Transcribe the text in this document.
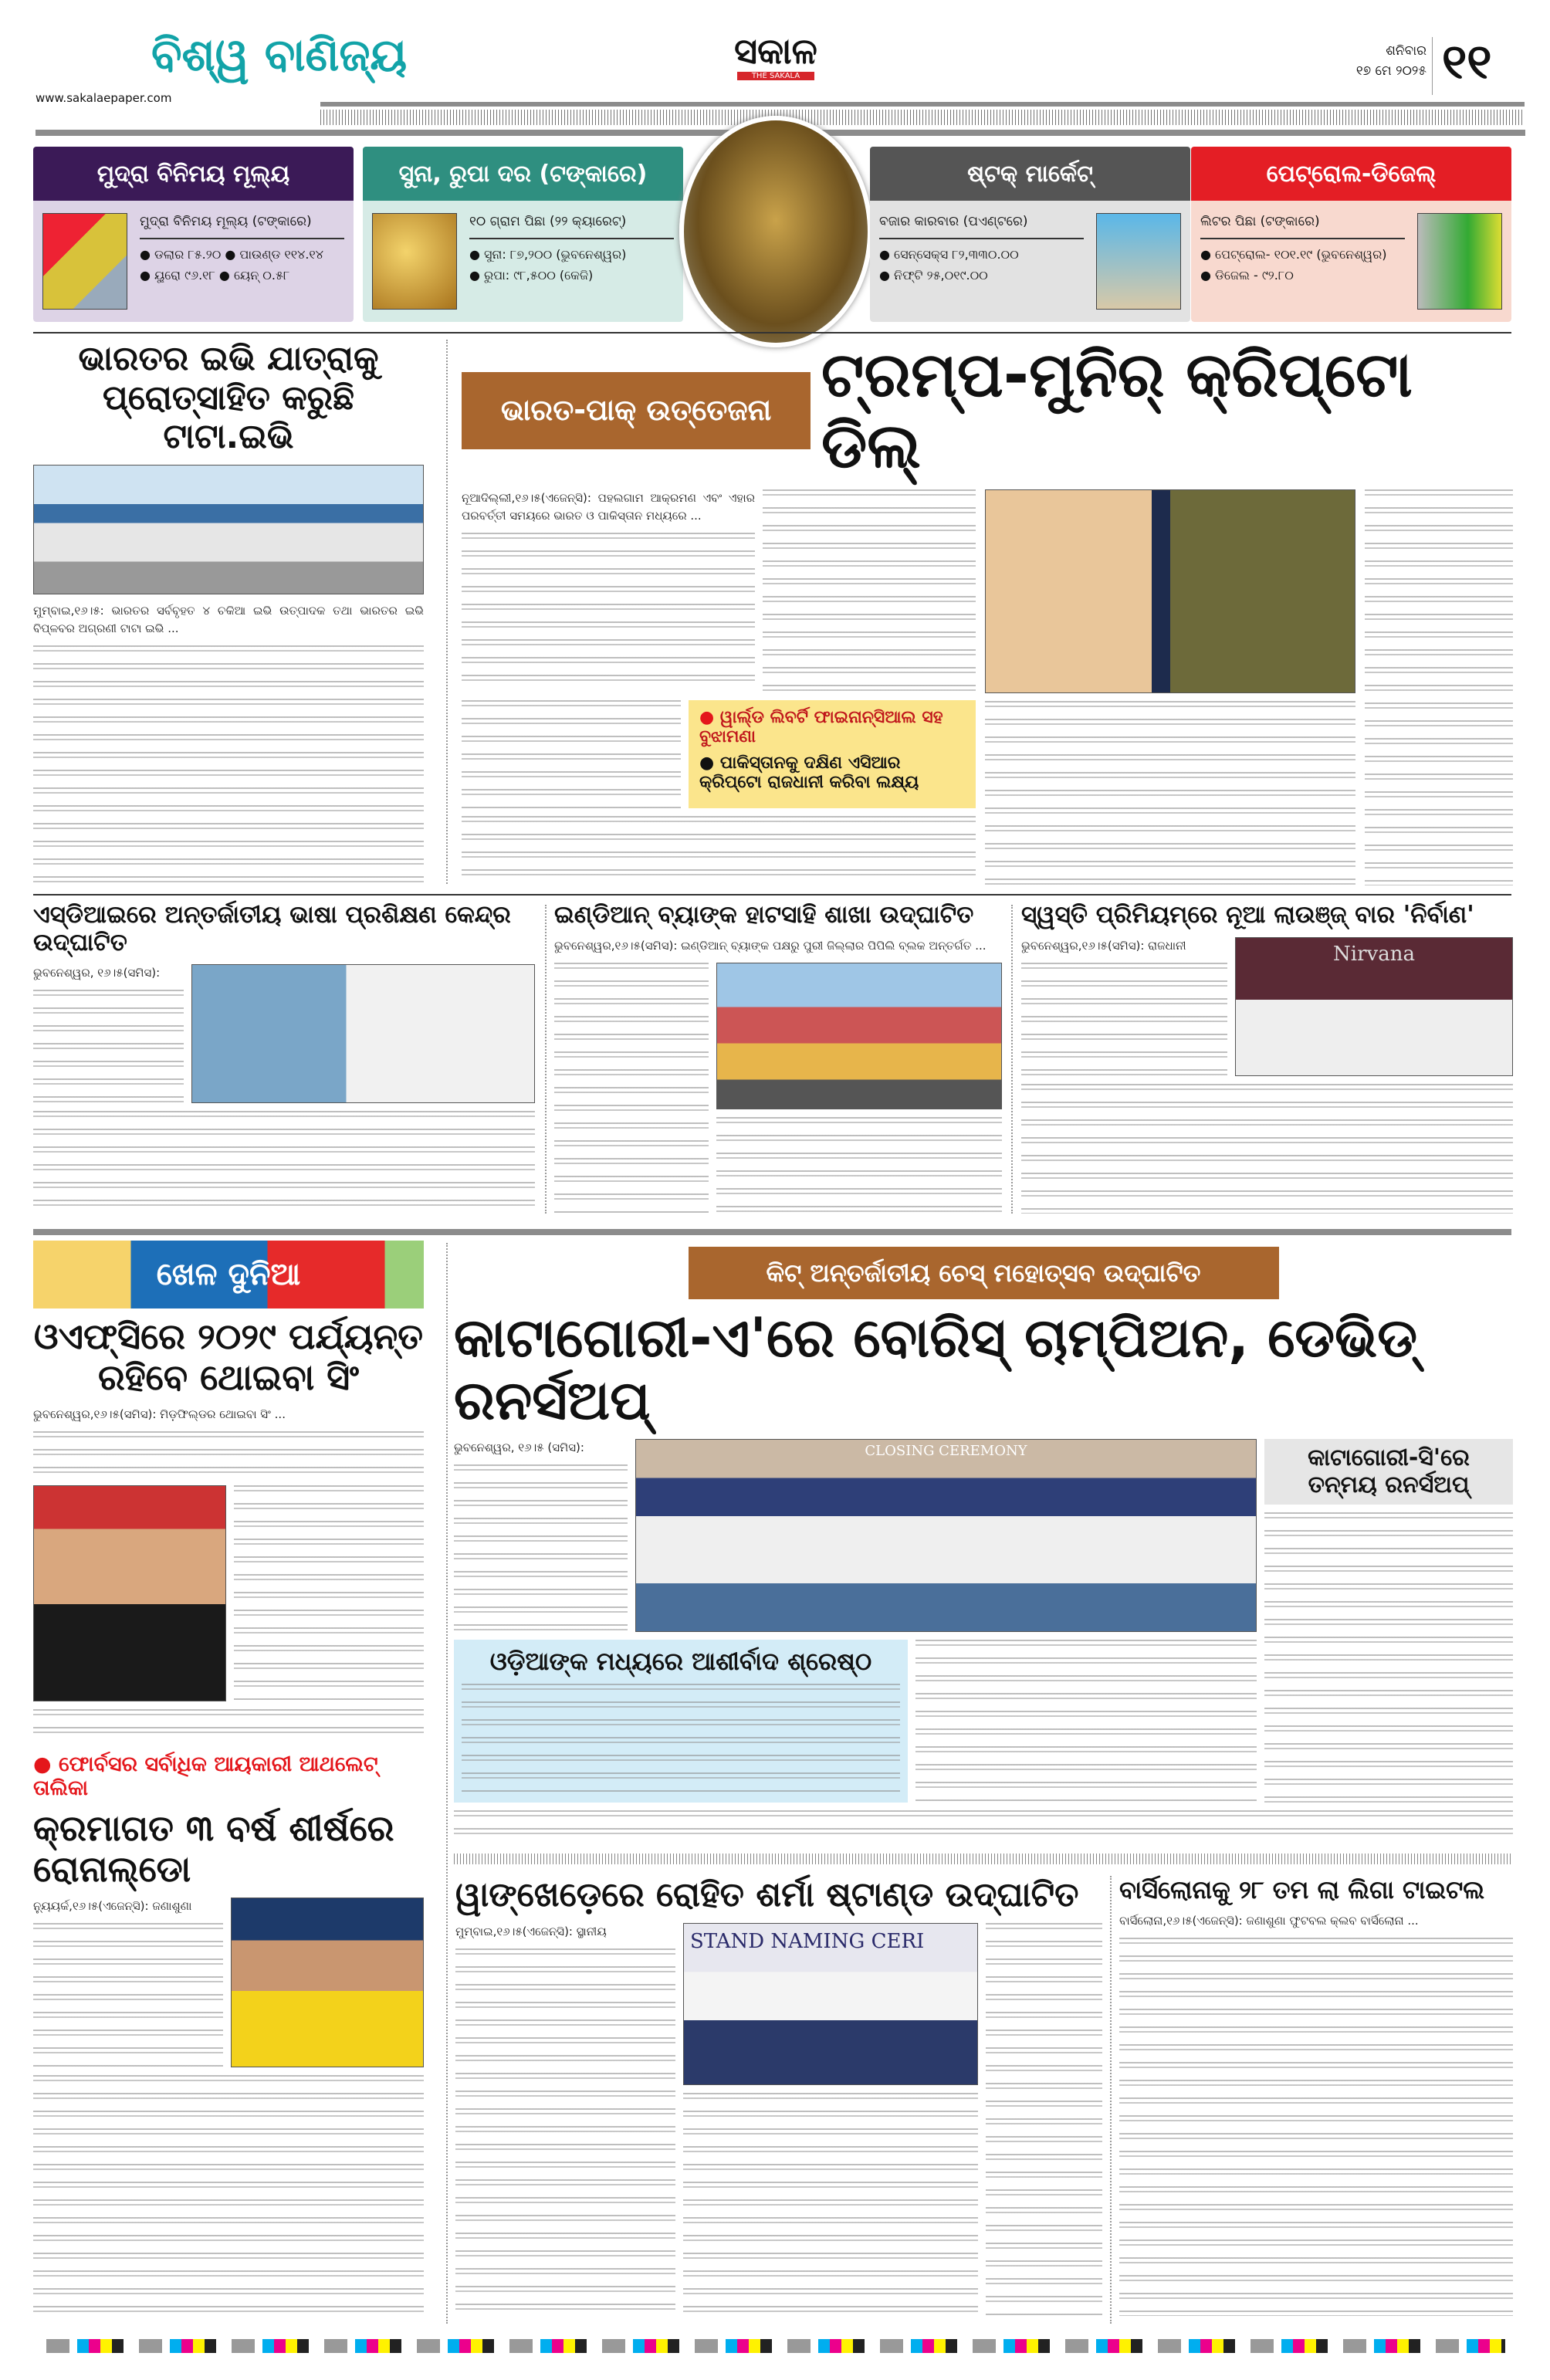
ବିଶ୍ୱ ବାଣିଜ୍ୟ	ସକାଳ
THE SAKALA
ଶନିବାର
୧୭ ମେ ୨୦୨୫ ୧୧
www.sakalaepaper.com
ମୁଦ୍ରା ବିନିମୟ ମୂଲ୍ୟ
ମୁଦ୍ରା ବିନିମୟ ମୂଲ୍ୟ (ଟଙ୍କାରେ)
● ଡଲାର ୮୫.୨୦ ● ପାଉଣ୍ଡ ୧୧୪.୧୪
● ୟୁରୋ ୯୬.୧୮ ● ୟେନ୍ ୦.୫୮
ସୁନା, ରୁପା ଦର (ଟଙ୍କାରେ)
୧୦ ଗ୍ରାମ ପିଛା (୨୨ କ୍ୟାରେଟ୍)
● ସୁନା: ୮୭,୨୦୦ (ଭୁବନେଶ୍ୱର)
● ରୁପା: ୯୮,୫୦୦ (କେଜି)
ଷ୍ଟକ୍ ମାର୍କେଟ୍
ବଜାର କାରବାର (ପଏଣ୍ଟରେ)
● ସେନ୍ସେକ୍ସ ୮୨,୩୩୦.୦୦
● ନିଫ୍ଟି ୨୫,୦୧୯.୦୦
ପେଟ୍ରୋଲ-ଡିଜେଲ୍
ଲିଟର ପିଛା (ଟଙ୍କାରେ)
● ପେଟ୍ରୋଲ- ୧୦୧.୧୯ (ଭୁବନେଶ୍ୱର)
● ଡିଜେଲ - ୯୨.୮୦
ଭାରତର ଇଭି ଯାତ୍ରାକୁ ପ୍ରୋତ୍ସାହିତ କରୁଛି ଟାଟା.ଇଭି
ମୁମ୍ବାଇ,୧୬।୫: ଭାରତର ସର୍ବବୃହତ ୪ ଚକିଆ ଇଭି ଉତ୍ପାଦକ ତଥା ଭାରତର ଇଭି ବିପ୍ଳବର ଅଗ୍ରଣୀ ଟାଟା ଇଭି ...
ଭାରତ-ପାକ୍ ଉତ୍ତେଜନା ଟ୍ରମ୍ପ-ମୁନିର୍ କ୍ରିପ୍ଟୋ ଡିଲ୍
ନୂଆଦିଲ୍ଲୀ,୧୬।୫(ଏଜେନ୍ସି): ପହଲଗାମ ଆକ୍ରମଣ ଏବଂ ଏହାର ପରବର୍ତ୍ତୀ ସମୟରେ ଭାରତ ଓ ପାକିସ୍ତାନ ମଧ୍ୟରେ ...
● ୱାର୍ଲ୍ଡ ଲିବର୍ଟି ଫାଇନାନ୍ସିଆଲ ସହ ବୁଝାମଣା
● ପାକିସ୍ତାନକୁ ଦକ୍ଷିଣ ଏସିଆର କ୍ରିପ୍ଟୋ ରାଜଧାନୀ କରିବା ଲକ୍ଷ୍ୟ
ଏସ୍‌ଡିଆଇରେ ଅନ୍ତର୍ଜାତୀୟ ଭାଷା ପ୍ରଶିକ୍ଷଣ କେନ୍ଦ୍ର ଉଦ୍‌ଘାଟିତ
ଭୁବନେଶ୍ୱର, ୧୬।୫(ସମିସ):
ଇଣ୍ଡିଆନ୍ ବ୍ୟାଙ୍କ ହାଟସାହି ଶାଖା ଉଦ୍‌ଘାଟିତ
ଭୁବନେଶ୍ୱର,୧୬।୫(ସମିସ): ଇଣ୍ଡିଆନ୍ ବ୍ୟାଙ୍କ ପକ୍ଷରୁ ପୁରୀ ଜିଲ୍ଲାର ପିପିଲି ବ୍ଲକ ଅନ୍ତର୍ଗତ ...
ସ୍ୱସ୍ତି ପ୍ରିମିୟମ୍‌ରେ ନୂଆ ଲାଉଞ୍ଜ୍ ବାର 'ନିର୍ବାଣ'
ଭୁବନେଶ୍ୱର,୧୬।୫(ସମିସ): ରାଜଧାନୀ	Nirvana
ଖେଳ ଦୁନିଆ
ଓଏଫ୍‌ସିରେ ୨୦୨୯ ପର୍ଯ୍ୟନ୍ତ ରହିବେ ଥୋଇବା ସିଂ
ଭୁବନେଶ୍ୱର,୧୬।୫(ସମିସ): ମିଡ଼ଫିଲ୍ଡର ଥୋଇବା ସିଂ ...
● ଫୋର୍ବସର ସର୍ବାଧିକ ଆୟକାରୀ ଆଥଲେଟ୍ ତାଲିକା
କ୍ରମାଗତ ୩ ବର୍ଷ ଶୀର୍ଷରେ ରୋନାଲ୍ଡୋ
ନ୍ୟୁୟର୍କ,୧୬।୫(ଏଜେନ୍ସି): ଜଣାଶୁଣା
କିଟ୍ ଅନ୍ତର୍ଜାତୀୟ ଚେସ୍ ମହୋତ୍ସବ ଉଦ୍‌ଘାଟିତ
କାଟାଗୋରୀ-ଏ'ରେ ବୋରିସ୍ ଚାମ୍ପିଅନ, ଡେଭିଡ୍ ରନର୍ସଅପ୍
ଭୁବନେଶ୍ୱର, ୧୬।୫ (ସମିସ):	CLOSING CEREMONY
ଓଡ଼ିଆଙ୍କ ମଧ୍ୟରେ ଆଶୀର୍ବାଦ ଶ୍ରେଷ୍ଠ
କାଟାଗୋରୀ-ସି'ରେ ତନ୍ମୟ ରନର୍ସଅପ୍
ୱାଙ୍ଖେଡ଼େରେ ରୋହିତ ଶର୍ମା ଷ୍ଟାଣ୍ଡ ଉଦ୍‌ଘାଟିତ
ମୁମ୍ବାଇ,୧୬।୫(ଏଜେନ୍ସି): ସ୍ଥାନୀୟ	STAND NAMING CERI
ବାର୍ସିଲୋନାକୁ ୨୮ ତମ ଲା ଲିଗା ଟାଇଟଲ
ବାର୍ସିଲୋନା,୧୬।୫(ଏଜେନ୍ସି): ଜଣାଶୁଣା ଫୁଟବଲ କ୍ଲବ ବାର୍ସିଲୋନା ...
